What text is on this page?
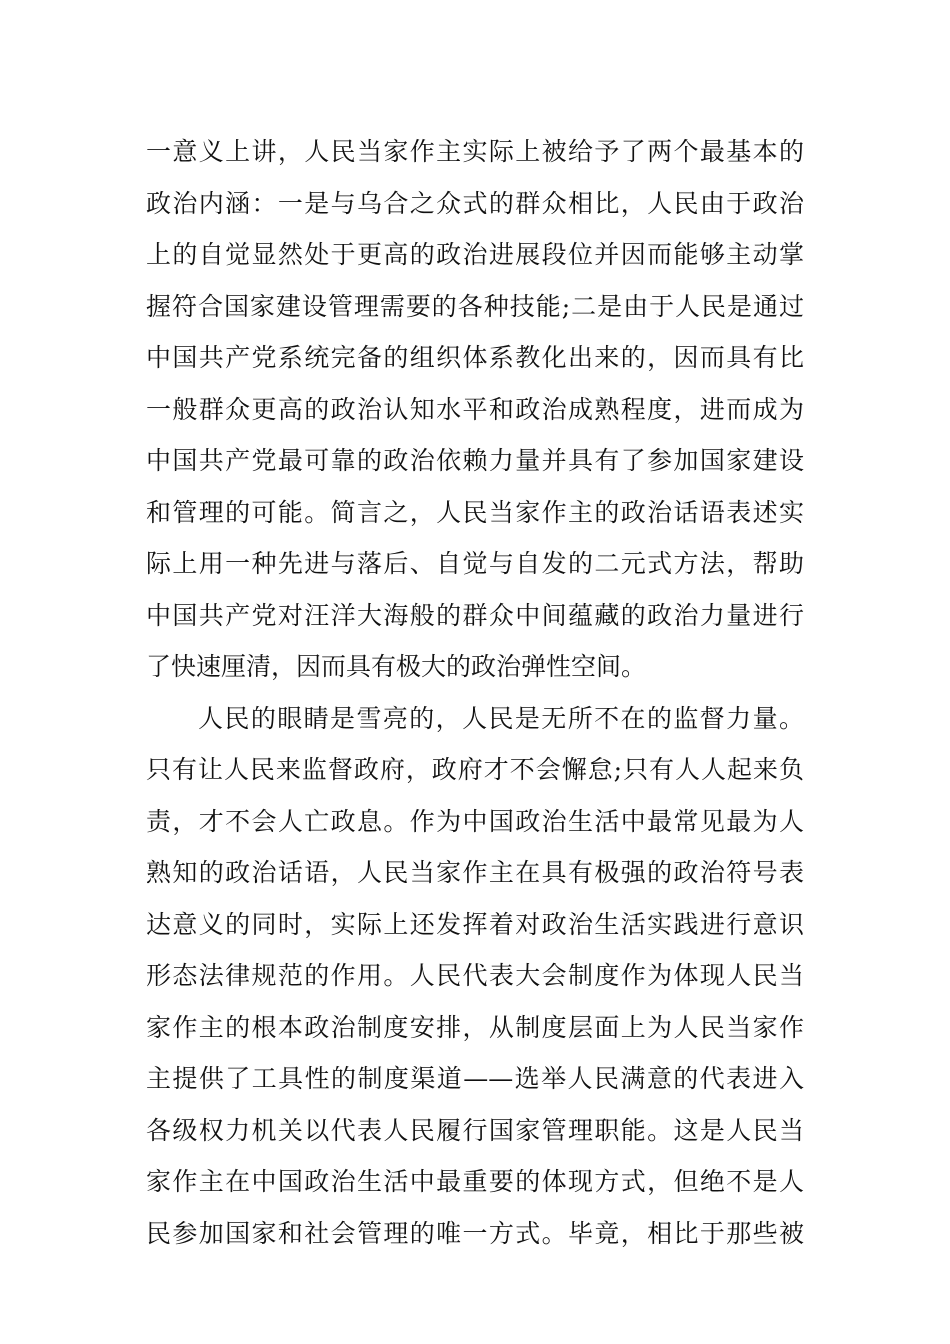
一意义上讲，人民当家作主实际上被给予了两个最基本的
政治内涵：一是与乌合之众式的群众相比，人民由于政治
上的自觉显然处于更高的政治进展段位并因而能够主动掌
握符合国家建设管理需要的各种技能;二是由于人民是通过
中国共产党系统完备的组织体系教化出来的，因而具有比
一般群众更高的政治认知水平和政治成熟程度，进而成为
中国共产党最可靠的政治依赖力量并具有了参加国家建设
和管理的可能。简言之，人民当家作主的政治话语表述实
际上用一种先进与落后、自觉与自发的二元式方法，帮助
中国共产党对汪洋大海般的群众中间蕴藏的政治力量进行
了快速厘清，因而具有极大的政治弹性空间。
人民的眼睛是雪亮的，人民是无所不在的监督力量。
只有让人民来监督政府，政府才不会懈怠;只有人人起来负
责，才不会人亡政息。作为中国政治生活中最常见最为人
熟知的政治话语，人民当家作主在具有极强的政治符号表
达意义的同时，实际上还发挥着对政治生活实践进行意识
形态法律规范的作用。人民代表大会制度作为体现人民当
家作主的根本政治制度安排，从制度层面上为人民当家作
主提供了工具性的制度渠道——选举人民满意的代表进入
各级权力机关以代表人民履行国家管理职能。这是人民当
家作主在中国政治生活中最重要的体现方式，但绝不是人
民参加国家和社会管理的唯一方式。毕竟，相比于那些被
